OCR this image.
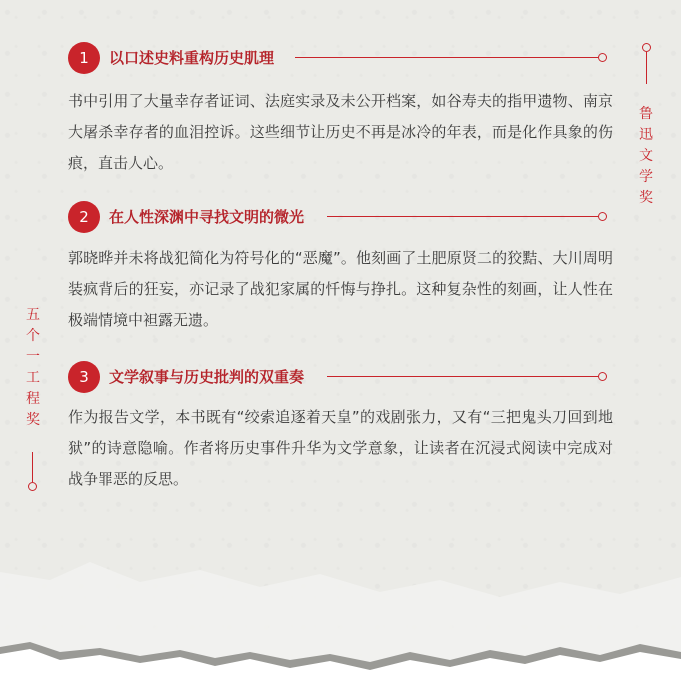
1	以口述史料重构历史肌理

书中引用了大量幸存者证词、法庭实录及未公开档案，如谷寿夫的指甲遗物、南京大屠杀幸存者的血泪控诉。这些细节让历史不再是冰冷的年表，而是化作具象的伤痕，直击人心。

2	在人性深渊中寻找文明的微光

郭晓晔并未将战犯简化为符号化的“恶魔”。他刻画了土肥原贤二的狡黠、大川周明装疯背后的狂妄，亦记录了战犯家属的忏悔与挣扎。这种复杂性的刻画，让人性在极端情境中袒露无遗。

3	文学叙事与历史批判的双重奏

作为报告文学，本书既有“绞索追逐着天皇”的戏剧张力，又有“三把鬼头刀回到地狱”的诗意隐喻。作者将历史事件升华为文学意象，让读者在沉浸式阅读中完成对战争罪恶的反思。

鲁迅文学奖
五个一工程奖
